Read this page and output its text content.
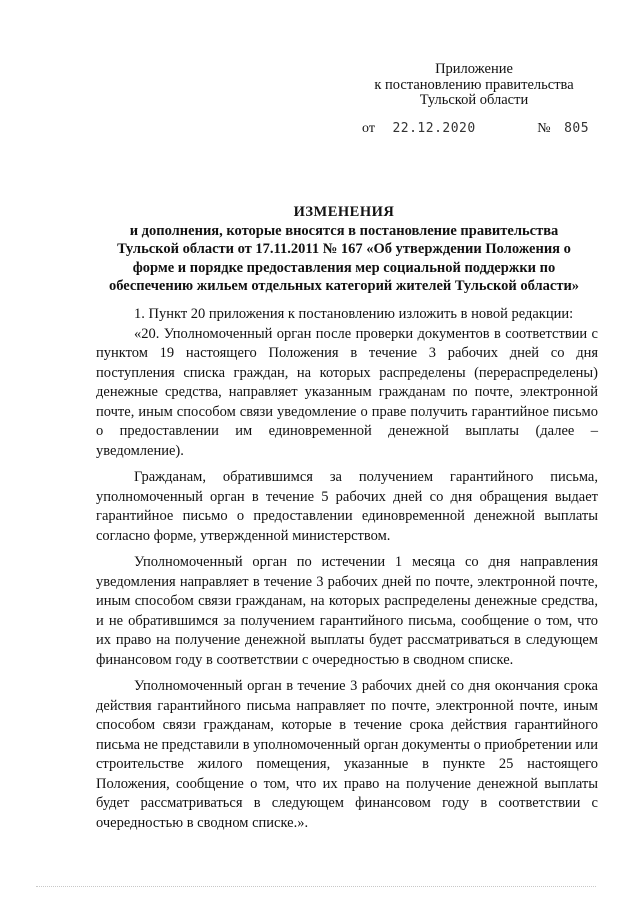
Приложение
к постановлению правительства
Тульской области
от 22.12.2020	№ 805
ИЗМЕНЕНИЯ
и дополнения, которые вносятся в постановление правительства
Тульской области от 17.11.2011 № 167 «Об утверждении Положения о
форме и порядке предоставления мер социальной поддержки по
обеспечению жильем отдельных категорий жителей Тульской области»

1. Пункт 20 приложения к постановлению изложить в новой редакции:

«20. Уполномоченный орган после проверки документов в соответствии с пунктом 19 настоящего Положения в течение 3 рабочих дней со дня поступления списка граждан, на которых распределены (перераспределены) денежные средства, направляет указанным гражданам по почте, электронной почте, иным способом связи уведомление о праве получить гарантийное письмо о предоставлении им единовременной денежной выплаты (далее – уведомление).

Гражданам, обратившимся за получением гарантийного письма, уполномоченный орган в течение 5 рабочих дней со дня обращения выдает гарантийное письмо о предоставлении единовременной денежной выплаты согласно форме, утвержденной министерством.

Уполномоченный орган по истечении 1 месяца со дня направления уведомления направляет в течение 3 рабочих дней по почте, электронной почте, иным способом связи гражданам, на которых распределены денежные средства, и не обратившимся за получением гарантийного письма, сообщение о том, что их право на получение денежной выплаты будет рассматриваться в следующем финансовом году в соответствии с очередностью в сводном списке.

Уполномоченный орган в течение 3 рабочих дней со дня окончания срока действия гарантийного письма направляет по почте, электронной почте, иным способом связи гражданам, которые в течение срока действия гарантийного письма не представили в уполномоченный орган документы о приобретении или строительстве жилого помещения, указанные в пункте 25 настоящего Положения, сообщение о том, что их право на получение денежной выплаты будет рассматриваться в следующем финансовом году в соответствии с очередностью в сводном списке.».
